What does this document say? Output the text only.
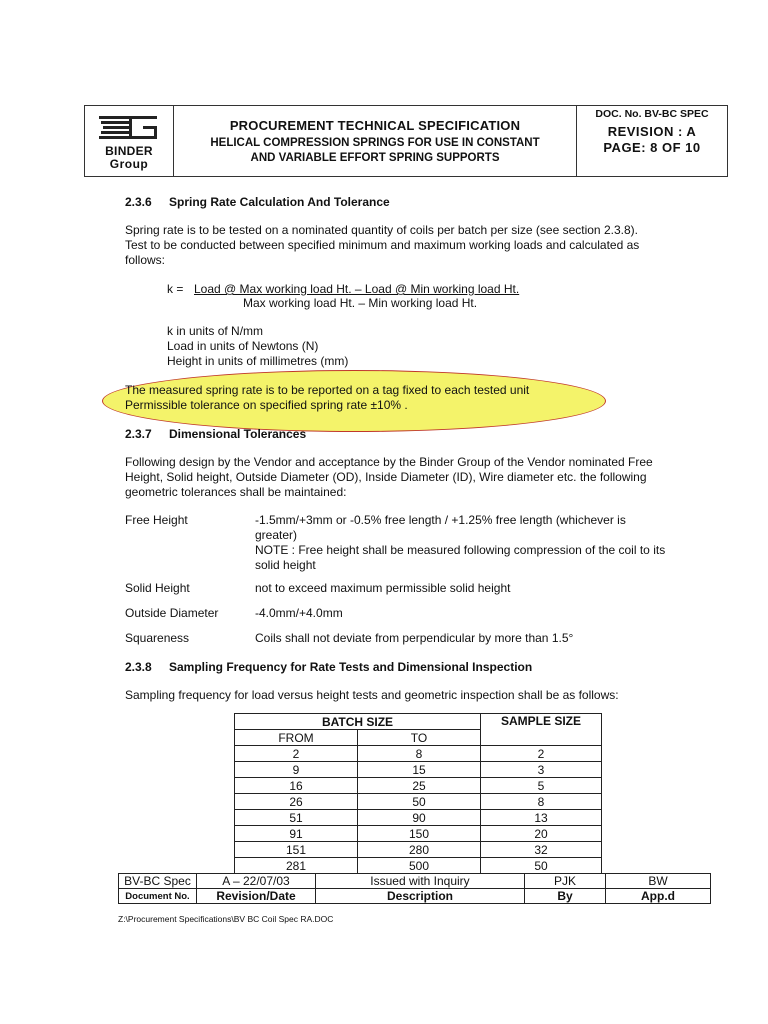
BINDER
Group
PROCUREMENT TECHNICAL SPECIFICATION
HELICAL COMPRESSION SPRINGS FOR USE IN CONSTANT
AND VARIABLE EFFORT SPRING SUPPORTS
DOC. No. BV-BC SPEC
REVISION : A
PAGE: 8 OF 10
2.3.6 Spring Rate Calculation And Tolerance
Spring rate is to be tested on a nominated quantity of coils per batch per size (see section 2.3.8).
Test to be conducted between specified minimum and maximum working loads and calculated as
follows:
k = Load @ Max working load Ht. – Load @ Min working load Ht.
Max working load Ht. – Min working load Ht.
k in units of N/mm
Load in units of Newtons (N)
Height in units of millimetres (mm)
The measured spring rate is to be reported on a tag fixed to each tested unit
Permissible tolerance on specified spring rate ±10% .
2.3.7 Dimensional Tolerances
Following design by the Vendor and acceptance by the Binder Group of the Vendor nominated Free
Height, Solid height, Outside Diameter (OD), Inside Diameter (ID), Wire diameter etc. the following
geometric tolerances shall be maintained:
Free Height	-1.5mm/+3mm or -0.5% free length / +1.25% free length (whichever is
greater)
NOTE : Free height shall be measured following compression of the coil to its
solid height
Solid Height	not to exceed maximum permissible solid height
Outside Diameter	-4.0mm/+4.0mm
Squareness	Coils shall not deviate from perpendicular by more than 1.5°
2.3.8 Sampling Frequency for Rate Tests and Dimensional Inspection
Sampling frequency for load versus height tests and geometric inspection shall be as follows:
BATCH SIZE		SAMPLE SIZE
FROM	TO	
2	8	2
9	15	3
16	25	5
26	50	8
51	90	13
91	150	20
151	280	32
281	500	50
BV-BC Spec	A – 22/07/03	Issued with Inquiry	PJK	BW
Document No.	Revision/Date	Description	By	App.d
Z:\Procurement Specifications\BV BC Coil Spec RA.DOC
